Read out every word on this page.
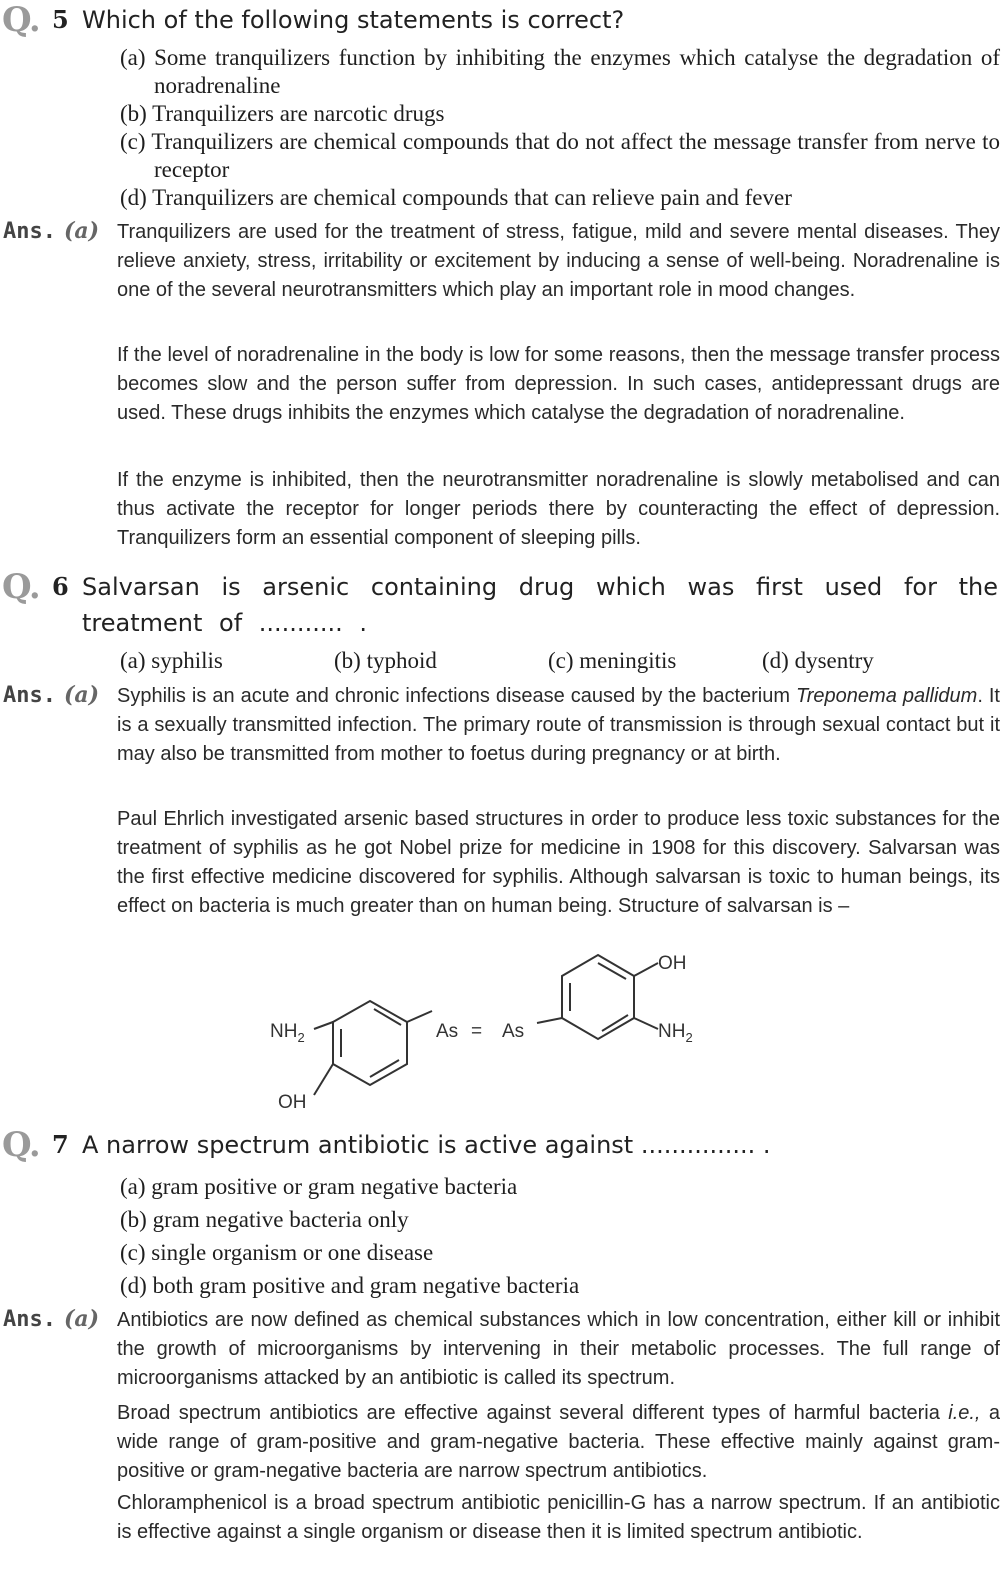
Q. 5 Which of the following statements is correct?
(a) Some tranquilizers function by inhibiting the enzymes which catalyse the degradation of noradrenaline
(b) Tranquilizers are narcotic drugs
(c) Tranquilizers are chemical compounds that do not affect the message transfer from nerve to receptor
(d) Tranquilizers are chemical compounds that can relieve pain and fever
Ans. (a) Tranquilizers are used for the treatment of stress, fatigue, mild and severe mental diseases. They relieve anxiety, stress, irritability or excitement by inducing a sense of well-being. Noradrenaline is one of the several neurotransmitters which play an important role in mood changes.
If the level of noradrenaline in the body is low for some reasons, then the message transfer process becomes slow and the person suffer from depression. In such cases, antidepressant drugs are used. These drugs inhibits the enzymes which catalyse the degradation of noradrenaline.
If the enzyme is inhibited, then the neurotransmitter noradrenaline is slowly metabolised and can thus activate the receptor for longer periods there by counteracting the effect of depression. Tranquilizers form an essential component of sleeping pills.
Q. 6 Salvarsan is arsenic containing drug which was first used for the treatment of ........... .
(a) syphilis	(b) typhoid	(c) meningitis	(d) dysentry
Ans. (a) Syphilis is an acute and chronic infections disease caused by the bacterium Treponema pallidum. It is a sexually transmitted infection. The primary route of transmission is through sexual contact but it may also be transmitted from mother to foetus during pregnancy or at birth.
Paul Ehrlich investigated arsenic based structures in order to produce less toxic substances for the treatment of syphilis as he got Nobel prize for medicine in 1908 for this discovery. Salvarsan was the first effective medicine discovered for syphilis. Although salvarsan is toxic to human beings, its effect on bacteria is much greater than on human being. Structure of salvarsan is –
OH
$NH_2$	As = As	$NH_2$
OH
Q. 7 A narrow spectrum antibiotic is active against ............... .
(a) gram positive or gram negative bacteria
(b) gram negative bacteria only
(c) single organism or one disease
(d) both gram positive and gram negative bacteria
Ans. (a) Antibiotics are now defined as chemical substances which in low concentration, either kill or inhibit the growth of microorganisms by intervening in their metabolic processes. The full range of microorganisms attacked by an antibiotic is called its spectrum.
Broad spectrum antibiotics are effective against several different types of harmful bacteria i.e., a wide range of gram-positive and gram-negative bacteria. These effective mainly against gram-positive or gram-negative bacteria are narrow spectrum antibiotics.
Chloramphenicol is a broad spectrum antibiotic penicillin-G has a narrow spectrum. If an antibiotic is effective against a single organism or disease then it is limited spectrum antibiotic.
